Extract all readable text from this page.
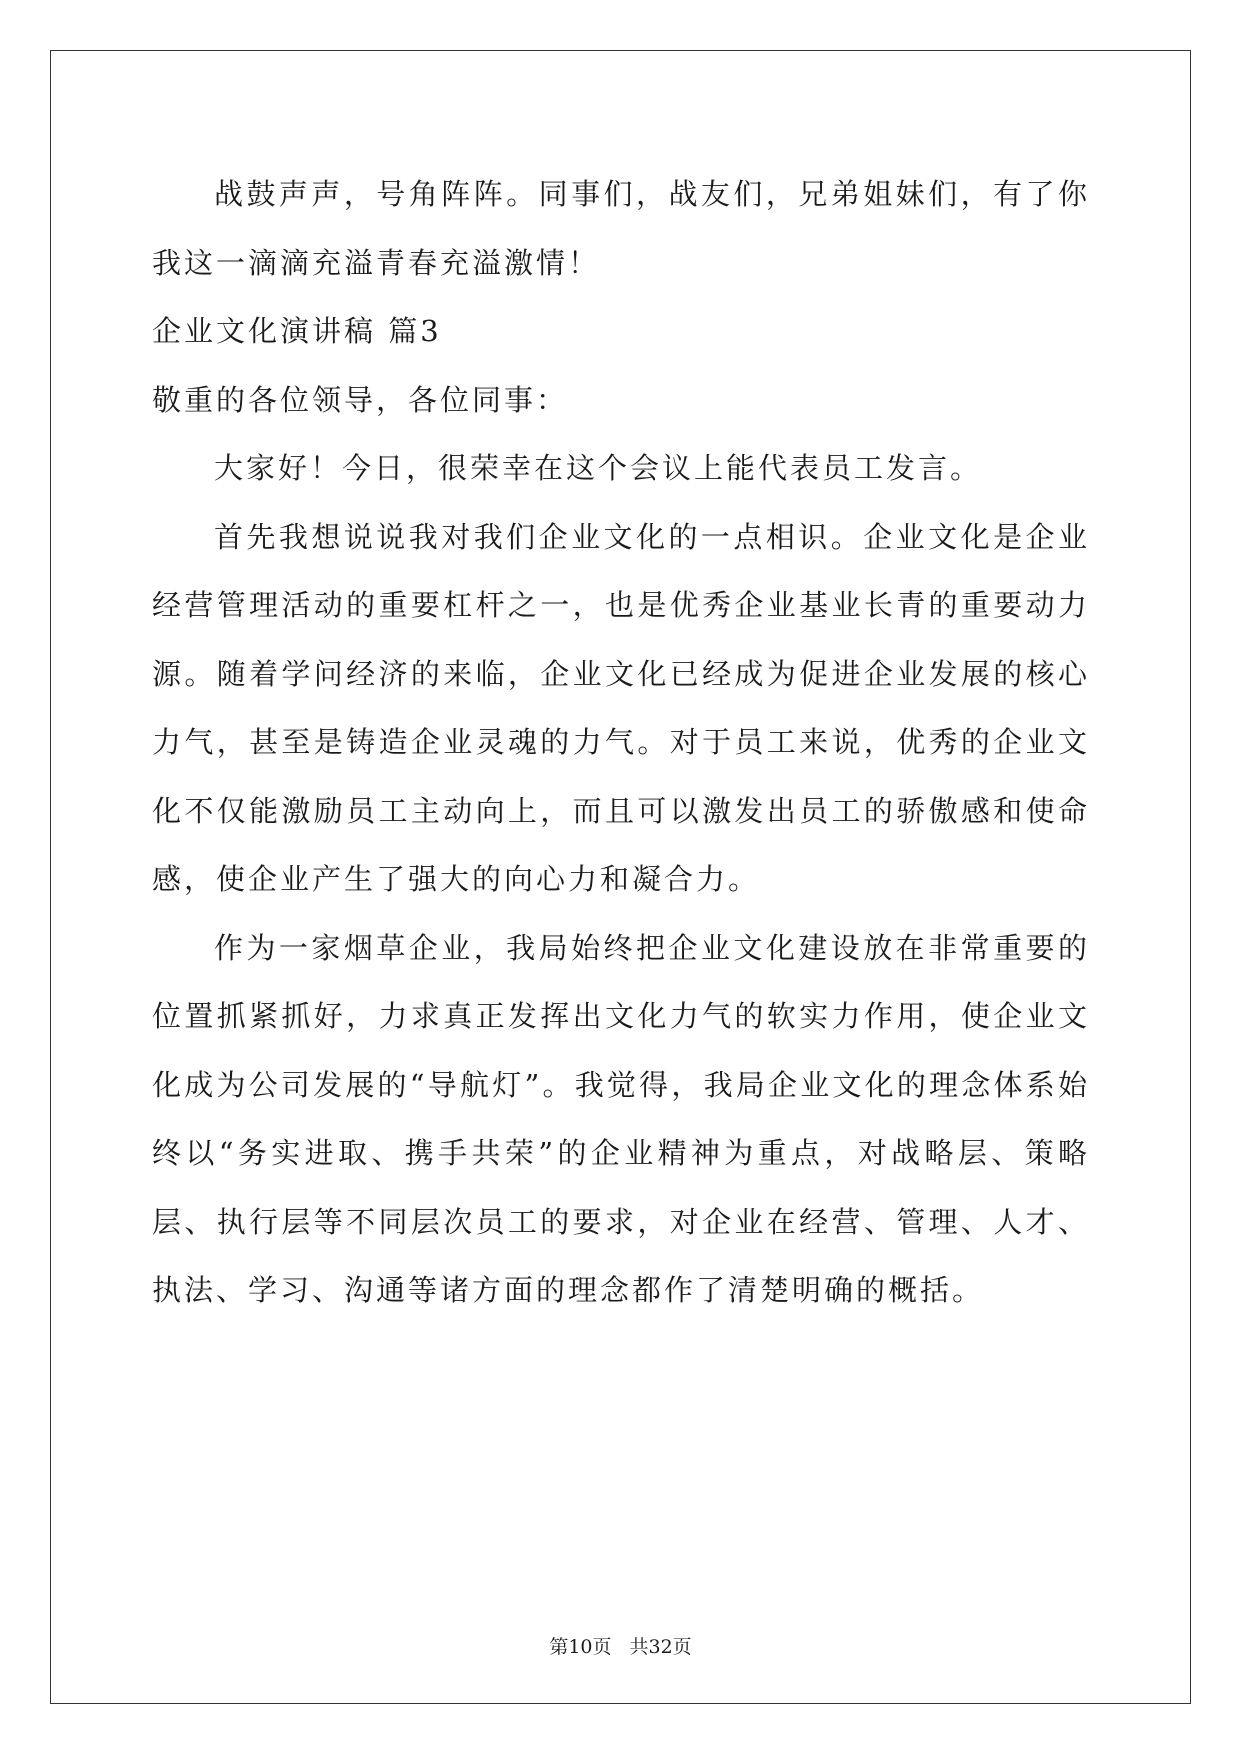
战鼓声声，号角阵阵。同事们，战友们，兄弟姐妹们，有了你我这一滴滴充溢青春充溢激情！

企业文化演讲稿 篇3

敬重的各位领导，各位同事：

大家好！今日，很荣幸在这个会议上能代表员工发言。

首先我想说说我对我们企业文化的一点相识。企业文化是企业经营管理活动的重要杠杆之一，也是优秀企业基业长青的重要动力源。随着学问经济的来临，企业文化已经成为促进企业发展的核心力气，甚至是铸造企业灵魂的力气。对于员工来说，优秀的企业文化不仅能激励员工主动向上，而且可以激发出员工的骄傲感和使命感，使企业产生了强大的向心力和凝合力。

作为一家烟草企业，我局始终把企业文化建设放在非常重要的位置抓紧抓好，力求真正发挥出文化力气的软实力作用，使企业文化成为公司发展的“导航灯”。我觉得，我局企业文化的理念体系始终以“务实进取、携手共荣”的企业精神为重点，对战略层、策略层、执行层等不同层次员工的要求，对企业在经营、管理、人才、执法、学习、沟通等诸方面的理念都作了清楚明确的概括。

第10页 共32页
